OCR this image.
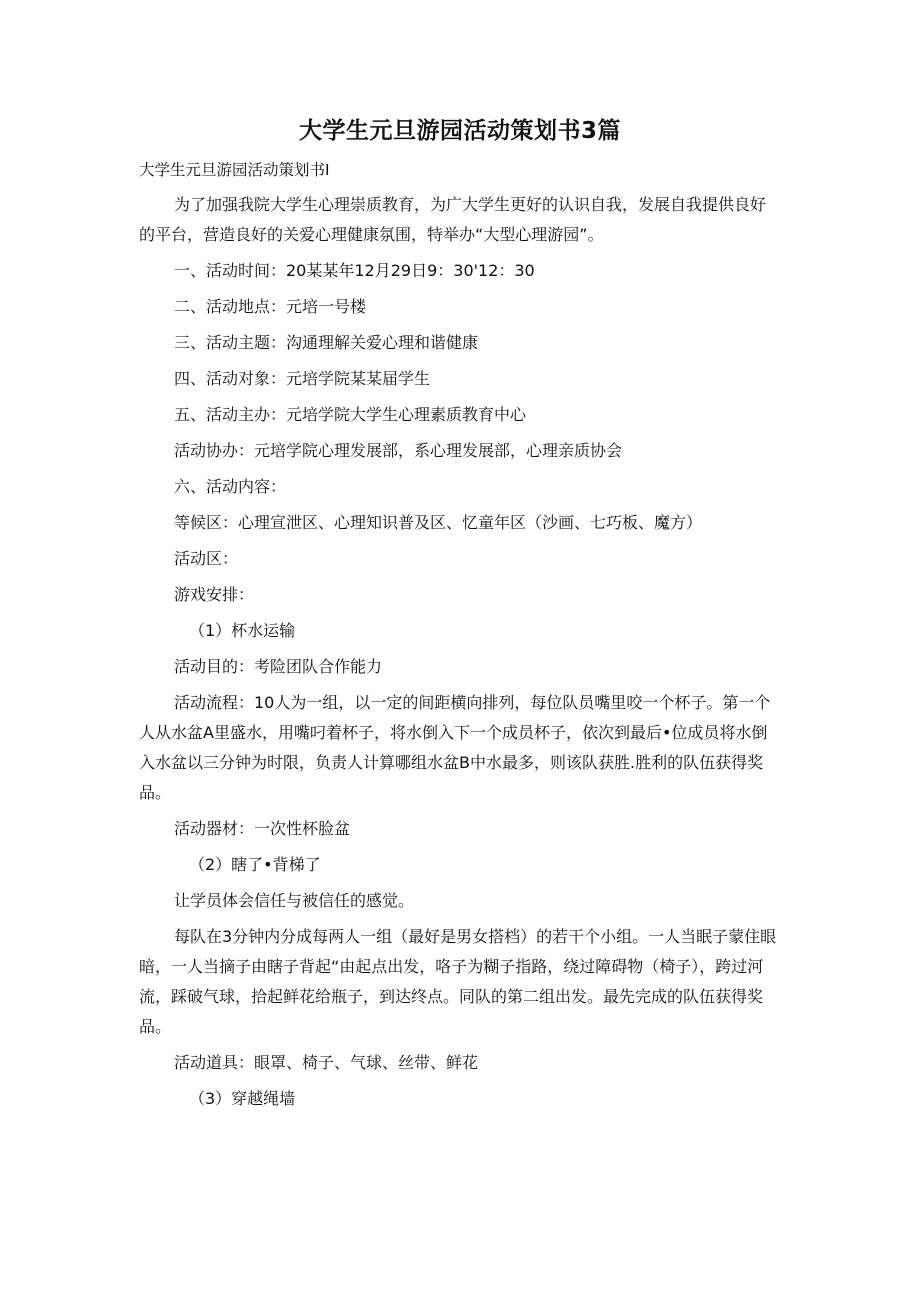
大学生元旦游园活动策划书3篇
大学生元旦游园活动策划书I

为了加强我院大学生心理崇质教育，为广大学生更好的认识自我，发展自我提供良好的平台，营造良好的关爱心理健康氛围，特举办“大型心理游园”。

一、活动时间：20某某年12月29日9：30'12：30

二、活动地点：元培一号楼

三、活动主题：沟通理解关爱心理和谐健康

四、活动对象：元培学院某某届学生

五、活动主办：元培学院大学生心理素质教育中心

活动协办：元培学院心理发展部，系心理发展部，心理亲质协会

六、活动内容：

等候区：心理宣泄区、心理知识普及区、忆童年区（沙画、七巧板、魔方）

活动区：

游戏安排：

（1）杯水运输

活动目的：考险团队合作能力

活动流程：10人为一组，以一定的间距横向排列，每位队员嘴里咬一个杯子。第一个人从水盆A里盛水，用嘴叼着杯子，将水倒入下一个成员杯子，依次到最后•位成员将水倒入水盆以三分钟为时限，负责人计算哪组水盆B中水最多，则该队获胜.胜利的队伍获得奖品。

活动器材：一次性杯脸盆

（2）瞎了•背梯了

让学员体会信任与被信任的感觉。

每队在3分钟内分成每两人一组（最好是男女搭档）的若干个小组。一人当眠子蒙住眼暗，一人当摘子由瞎子背起“由起点出发，咯子为糊子指路，绕过障碍物（椅子），跨过河流，踩破气球，拾起鲜花给瓶子，到达终点。同队的第二组出发。最先完成的队伍获得奖品。

活动道具：眼罩、椅子、气球、丝带、鲜花

（3）穿越绳墙
